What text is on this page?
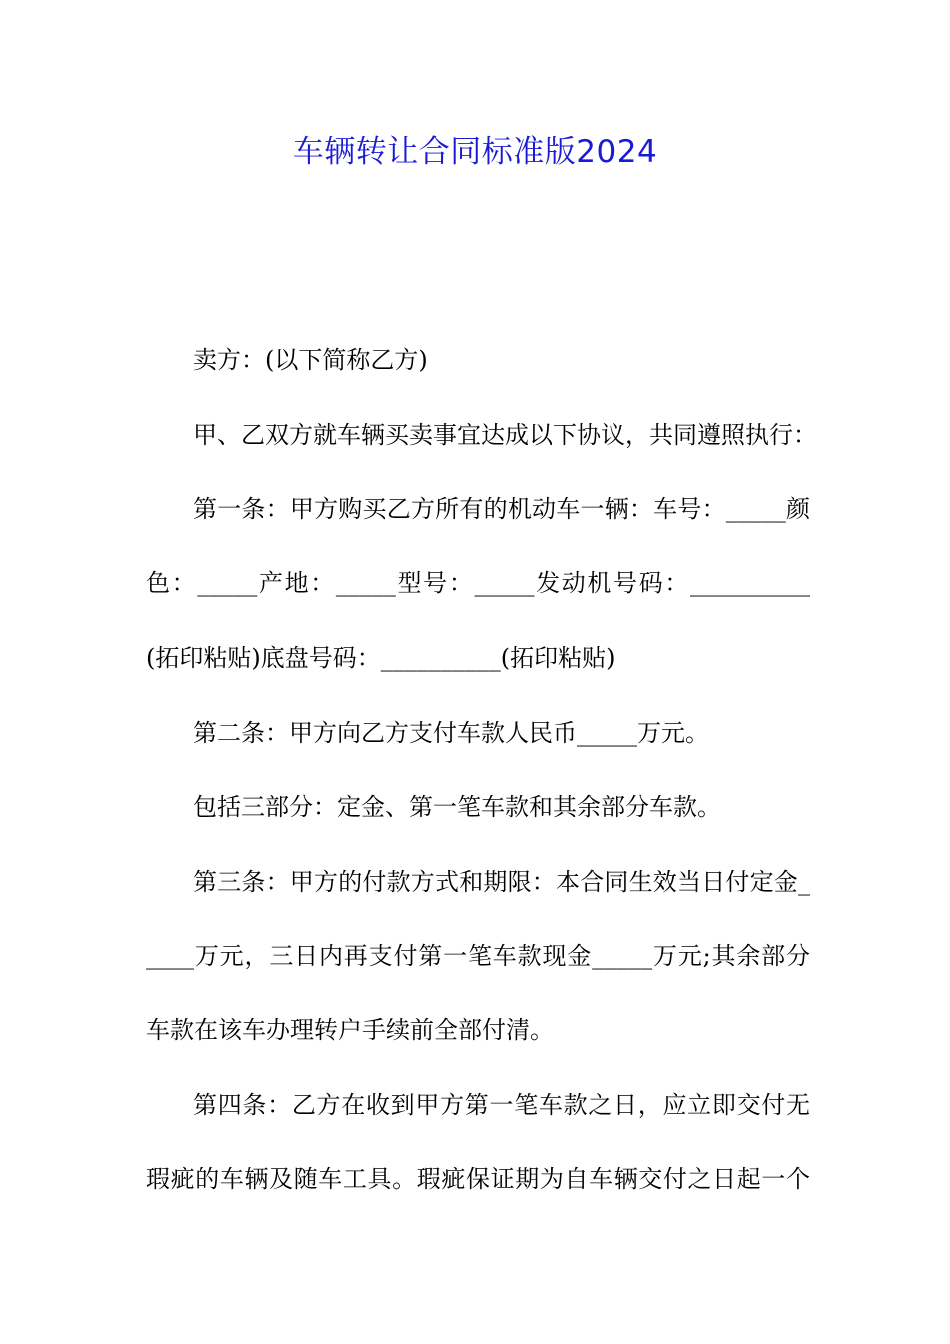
车辆转让合同标准版2024
卖方：(以下简称乙方)
甲、乙双方就车辆买卖事宜达成以下协议，共同遵照执行：
第一条：甲方购买乙方所有的机动车一辆：车号：_____颜
色：_____产地：_____型号：_____发动机号码：__________
(拓印粘贴)底盘号码：__________(拓印粘贴)
第二条：甲方向乙方支付车款人民币_____万元。
包括三部分：定金、第一笔车款和其余部分车款。
第三条：甲方的付款方式和期限：本合同生效当日付定金_
____万元，三日内再支付第一笔车款现金_____万元;其余部分
车款在该车办理转户手续前全部付清。
第四条：乙方在收到甲方第一笔车款之日，应立即交付无
瑕疵的车辆及随车工具。瑕疵保证期为自车辆交付之日起一个
